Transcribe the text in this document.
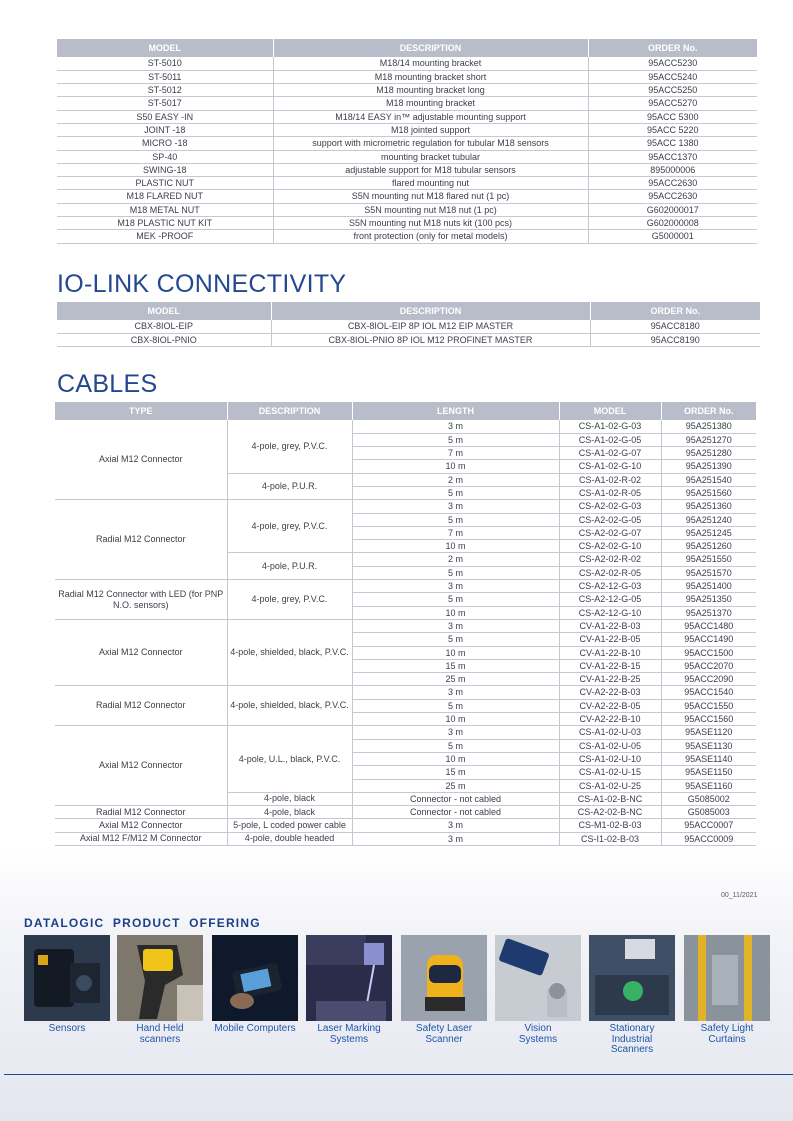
MODEL	DESCRIPTION	ORDER No.
ST-5010	M18/14 mounting bracket	95ACC5230
ST-5011	M18 mounting bracket short	95ACC5240
ST-5012	M18 mounting bracket long	95ACC5250
ST-5017	M18 mounting bracket	95ACC5270
S50 EASY -IN	M18/14 EASY in™ adjustable mounting support	95ACC 5300
JOINT -18	M18 jointed support	95ACC 5220
MICRO -18	support with micrometric regulation for tubular M18 sensors	95ACC 1380
SP-40	mounting bracket tubular	95ACC1370
SWING-18	adjustable support for M18 tubular sensors	895000006
PLASTIC NUT	flared mounting nut	95ACC2630
M18 FLARED NUT	S5N mounting nut M18 flared nut (1 pc)	95ACC2630
M18 METAL NUT	S5N mounting nut M18 nut (1 pc)	G602000017
M18 PLASTIC NUT KIT	S5N mounting nut M18 nuts kit (100 pcs)	G602000008
MEK -PROOF	front protection (only for metal models)	G5000001
IO-LINK CONNECTIVITY
MODEL	DESCRIPTION	ORDER No.
CBX-8IOL-EIP	CBX-8IOL-EIP 8P IOL M12 EIP MASTER	95ACC8180
CBX-8IOL-PNIO	CBX-8IOL-PNIO 8P IOL M12 PROFINET MASTER	95ACC8190
CABLES
TYPE	DESCRIPTION	LENGTH	MODEL	ORDER No.
Axial M12 Connector	4-pole, grey, P.V.C.	3 m	CS-A1-02-G-03	95A251380
		5 m	CS-A1-02-G-05	95A251270
		7 m	CS-A1-02-G-07	95A251280
		10 m	CS-A1-02-G-10	95A251390
	4-pole, P.U.R.	2 m	CS-A1-02-R-02	95A251540
		5 m	CS-A1-02-R-05	95A251560
Radial M12 Connector	4-pole, grey, P.V.C.	3 m	CS-A2-02-G-03	95A251360
		5 m	CS-A2-02-G-05	95A251240
		7 m	CS-A2-02-G-07	95A251245
		10 m	CS-A2-02-G-10	95A251260
	4-pole, P.U.R.	2 m	CS-A2-02-R-02	95A251550
		5 m	CS-A2-02-R-05	95A251570
Radial M12 Connector with LED (for PNP N.O. sensors)	4-pole, grey, P.V.C.	3 m	CS-A2-12-G-03	95A251400
		5 m	CS-A2-12-G-05	95A251350
		10 m	CS-A2-12-G-10	95A251370
Axial M12 Connector	4-pole, shielded, black, P.V.C.	3 m	CV-A1-22-B-03	95ACC1480
		5 m	CV-A1-22-B-05	95ACC1490
		10 m	CV-A1-22-B-10	95ACC1500
		15 m	CV-A1-22-B-15	95ACC2070
		25 m	CV-A1-22-B-25	95ACC2090
Radial M12 Connector	4-pole, shielded, black, P.V.C.	3 m	CV-A2-22-B-03	95ACC1540
		5 m	CV-A2-22-B-05	95ACC1550
		10 m	CV-A2-22-B-10	95ACC1560
Axial M12 Connector	4-pole, U.L., black, P.V.C.	3 m	CS-A1-02-U-03	95ASE1120
		5 m	CS-A1-02-U-05	95ASE1130
		10 m	CS-A1-02-U-10	95ASE1140
		15 m	CS-A1-02-U-15	95ASE1150
		25 m	CS-A1-02-U-25	95ASE1160
	4-pole, black	Connector - not cabled	CS-A1-02-B-NC	G5085002
Radial M12 Connector	4-pole, black	Connector - not cabled	CS-A2-02-B-NC	G5085003
Axial M12 Connector	5-pole, L coded power cable	3 m	CS-M1-02-B-03	95ACC0007
Axial M12 F/M12 M Connector	4-pole, double headed	3 m	CS-I1-02-B-03	95ACC0009
00_11/2021
DATALOGIC PRODUCT OFFERING
Sensors	Hand Held
scanners
Mobile Computers	Laser Marking
Systems
Safety Laser
Scanner
Vision
Systems
Stationary
Industrial
Scanners
Safety Light
Curtains
